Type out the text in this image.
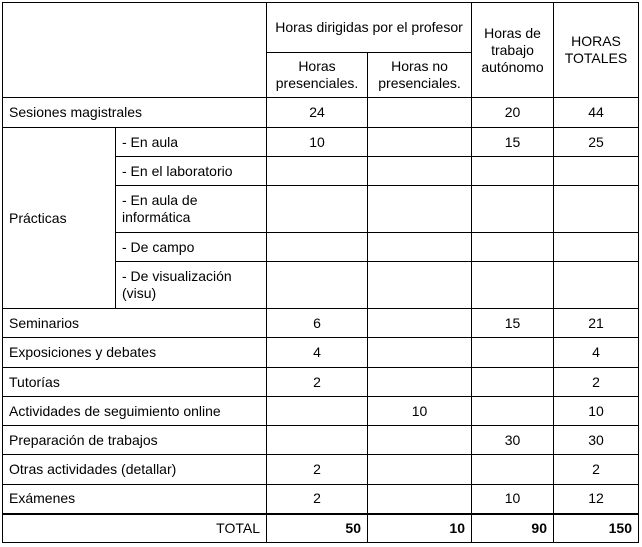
		Horas dirigidas por el profesor		Horas de trabajo autónomo	HORAS TOTALES
		Horas presenciales.	Horas no presenciales.		
Sesiones magistrales		24		20	44
Prácticas	- En aula	10		15	25
	- En el laboratorio				
	- En aula de informática				
	- De campo				
	- De visualización (visu)				
Seminarios		6		15	21
Exposiciones y debates		4			4
Tutorías		2			2
Actividades de seguimiento online			10		10
Preparación de trabajos				30	30
Otras actividades (detallar)		2			2
Exámenes		2		10	12
TOTAL		50	10	90	150
